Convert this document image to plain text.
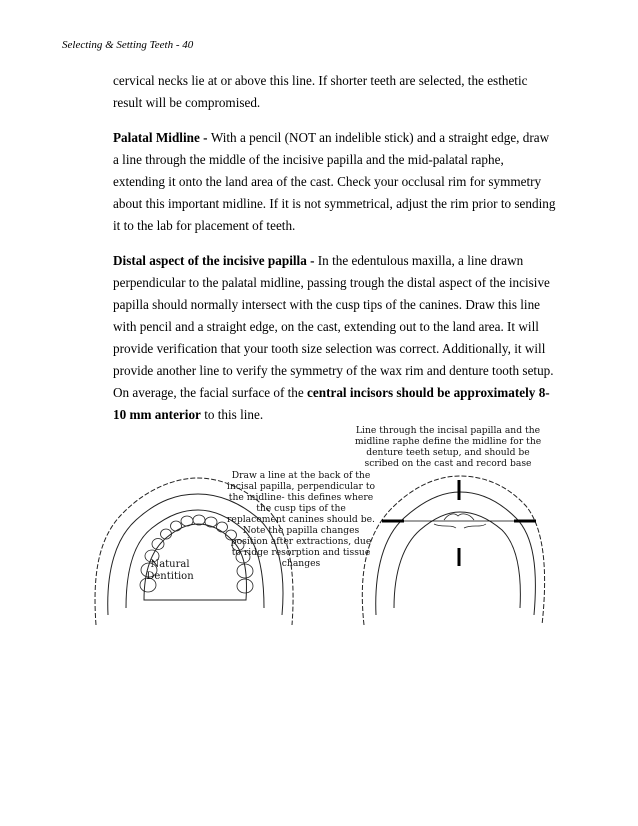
Selecting & Setting Teeth - 40

cervical necks lie at or above this line. If shorter teeth are selected, the esthetic result will be compromised.

Palatal Midline - With a pencil (NOT an indelible stick) and a straight edge, draw a line through the middle of the incisive papilla and the mid-palatal raphe, extending it onto the land area of the cast. Check your occlusal rim for symmetry about this important midline. If it is not symmetrical, adjust the rim prior to sending it to the lab for placement of teeth.

Distal aspect of the incisive papilla - In the edentulous maxilla, a line drawn perpendicular to the palatal midline, passing trough the distal aspect of the incisive papilla should normally intersect with the cusp tips of the canines. Draw this line with pencil and a straight edge, on the cast, extending out to the land area. It will provide verification that your tooth size selection was correct. Additionally, it will provide another line to verify the symmetry of the wax rim and denture tooth setup. On average, the facial surface of the central incisors should be approximately 8-10 mm anterior to this line.

Line through the incisal papilla and the midline raphe define the midline for the denture teeth setup, and should be scribed on the cast and record base
Draw a line at the back of the incisal papilla, perpendicular to the midline- this defines where the cusp tips of the replacement canines should be. Note the papilla changes position after extractions, due to ridge resorption and tissue changes
Natural Dentition
